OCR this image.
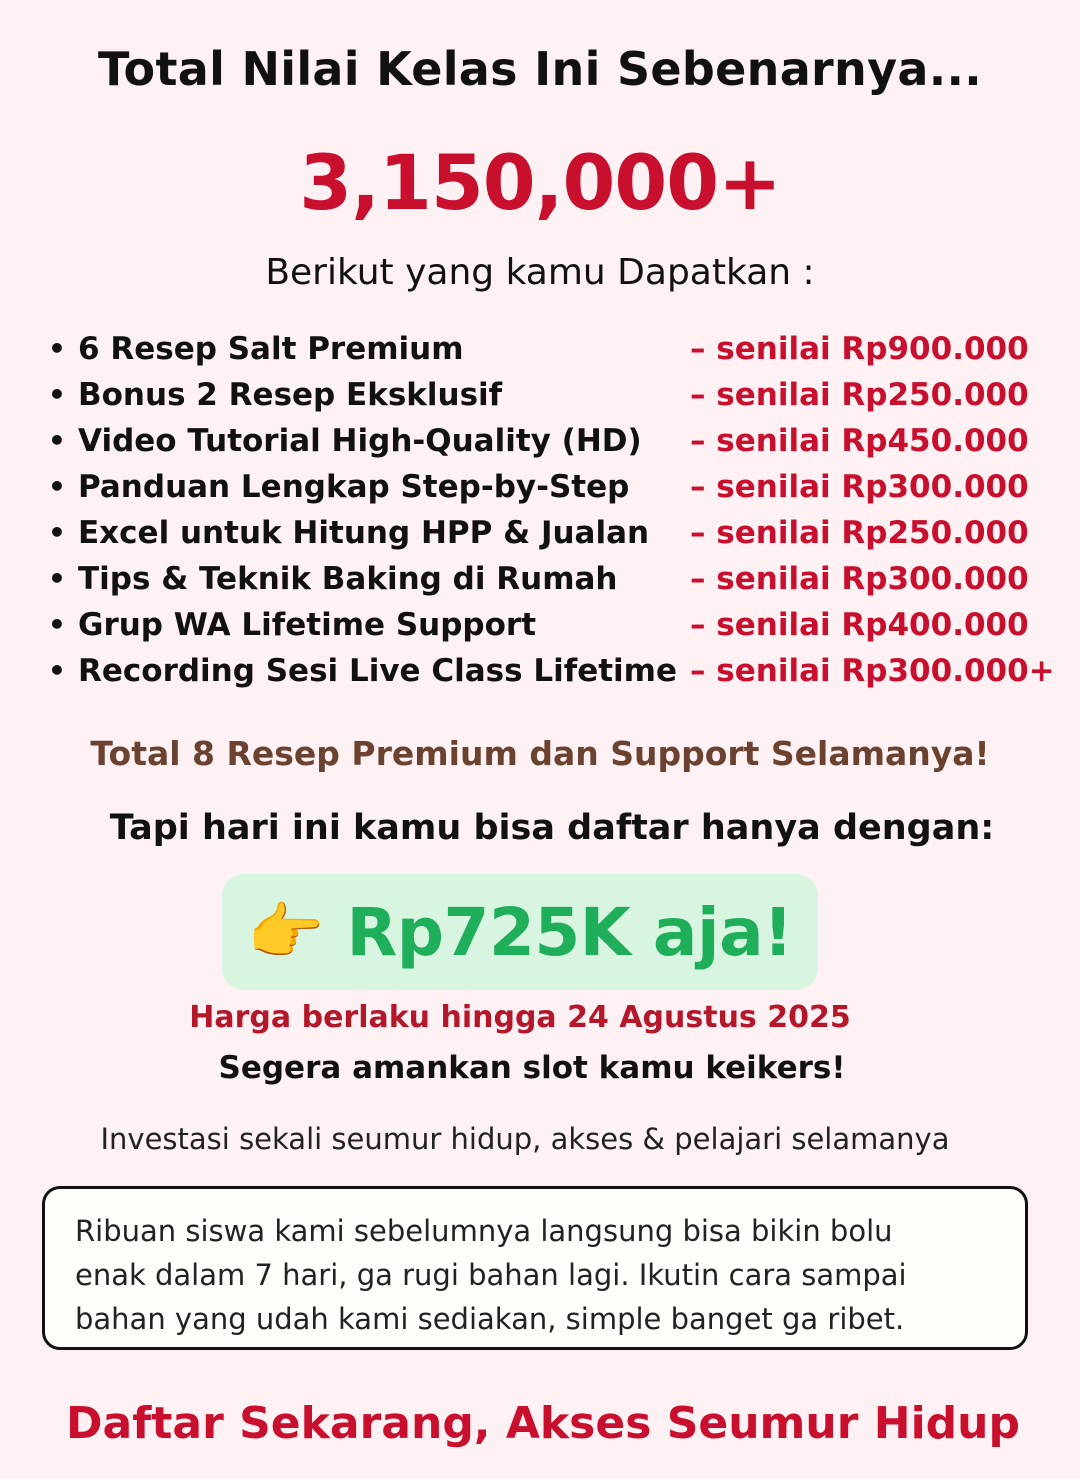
Total Nilai Kelas Ini Sebenarnya...
3,150,000+
Berikut yang kamu Dapatkan :
• 6 Resep Salt Premium	– senilai Rp900.000
• Bonus 2 Resep Eksklusif	– senilai Rp250.000
• Video Tutorial High-Quality (HD) – senilai Rp450.000
• Panduan Lengkap Step-by-Step – senilai Rp300.000
• Excel untuk Hitung HPP & Jualan – senilai Rp250.000
• Tips & Teknik Baking di Rumah – senilai Rp300.000
• Grup WA Lifetime Support	– senilai Rp400.000
• Recording Sesi Live Class Lifetime – senilai Rp300.000+
Total 8 Resep Premium dan Support Selamanya!
Tapi hari ini kamu bisa daftar hanya dengan:
👉 Rp725K aja!
Harga berlaku hingga 24 Agustus 2025
Segera amankan slot kamu keikers!
Investasi sekali seumur hidup, akses & pelajari selamanya
Ribuan siswa kami sebelumnya langsung bisa bikin bolu
enak dalam 7 hari, ga rugi bahan lagi. Ikutin cara sampai
bahan yang udah kami sediakan, simple banget ga ribet.
Daftar Sekarang, Akses Seumur Hidup
